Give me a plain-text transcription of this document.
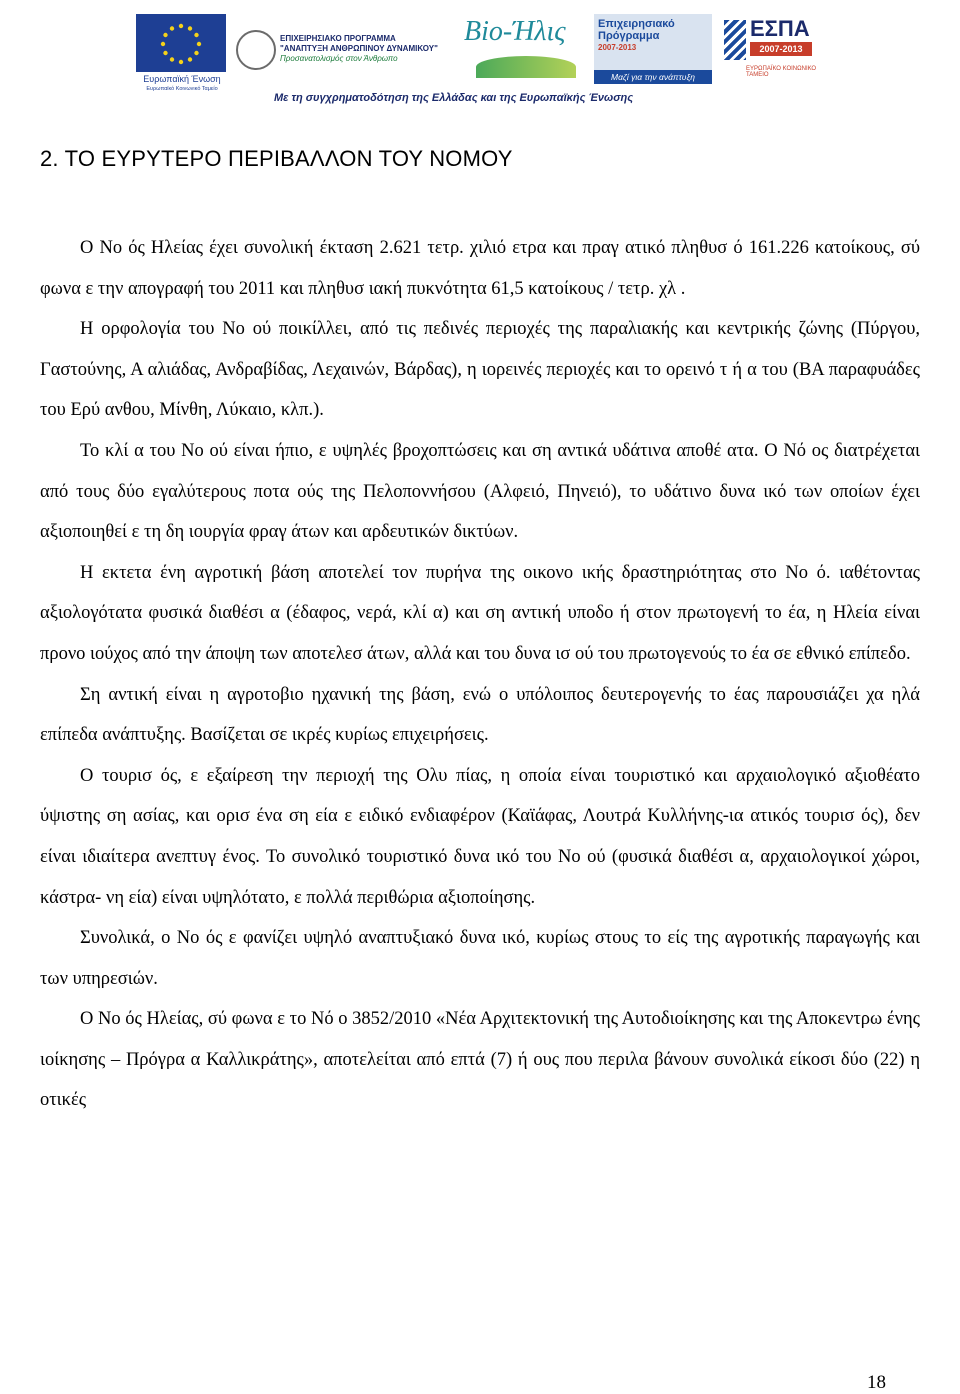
Ευρωπαϊκή Ένωση
Ευρωπαϊκό Κοινωνικό Ταμείο
ΕΠΙΧΕΙΡΗΣΙΑΚΟ ΠΡΟΓΡΑΜΜΑ
"ΑΝΑΠΤΥΞΗ ΑΝΘΡΩΠΙΝΟΥ ΔΥΝΑΜΙΚΟΥ"
Προσανατολισμός στον Άνθρωπο
Bio-Ήλις	Επιχειρησιακό
Πρόγραμμα
2007-2013
Μαζί για την ανάπτυξη
ΕΣΠΑ
2007-2013
ΕΥΡΩΠΑΪΚΟ ΚΟΙΝΩΝΙΚΟ ΤΑΜΕΙΟ
Με τη συγχρηματοδότηση της Ελλάδας και της Ευρωπαϊκής Ένωσης
2. ΤΟ ΕΥΡΥΤΕΡΟ ΠΕΡΙΒΑΛΛΟΝ ΤΟΥ ΝΟΜΟΥ

Ο Νο ός Ηλείας έχει συνολική έκταση 2.621 τετρ. χιλιό ετρα και πραγ ατικό πληθυσ ό 161.226 κατοίκους, σύ φωνα ε την απογραφή του 2011 και πληθυσ ιακή πυκνότητα 61,5 κατοίκους / τετρ. χλ .

Η ορφολογία του Νο ού ποικίλλει, από τις πεδινές περιοχές της παραλιακής και κεντρικής ζώνης (Πύργου, Γαστούνης, Α αλιάδας, Ανδραβίδας, Λεχαινών, Βάρδας), η ιορεινές περιοχές και το ορεινό τ ή α του (ΒΑ παραφυάδες του Ερύ ανθου, Μίνθη, Λύκαιο, κλπ.).

Το κλί α του Νο ού είναι ήπιο, ε υψηλές βροχοπτώσεις και ση αντικά υδάτινα αποθέ ατα. Ο Νό ος διατρέχεται από τους δύο εγαλύτερους ποτα ούς της Πελοποννήσου (Αλφειό, Πηνειό), το υδάτινο δυνα ικό των οποίων έχει αξιοποιηθεί ε τη δη ιουργία φραγ άτων και αρδευτικών δικτύων.

Η εκτετα ένη αγροτική βάση αποτελεί τον πυρήνα της οικονο ικής δραστηριότητας στο Νο ό. ιαθέτοντας αξιολογότατα φυσικά διαθέσι α (έδαφος, νερά, κλί α) και ση αντική υποδο ή στον πρωτογενή το έα, η Ηλεία είναι προνο ιούχος από την άποψη των αποτελεσ άτων, αλλά και του δυνα ισ ού του πρωτογενούς το έα σε εθνικό επίπεδο.

Ση αντική είναι η αγροτοβιο ηχανική της βάση, ενώ ο υπόλοιπος δευτερογενής το έας παρουσιάζει χα ηλά επίπεδα ανάπτυξης. Βασίζεται σε ικρές κυρίως επιχειρήσεις.

Ο τουρισ ός, ε εξαίρεση την περιοχή της Ολυ πίας, η οποία είναι τουριστικό και αρχαιολογικό αξιοθέατο ύψιστης ση ασίας, και ορισ ένα ση εία ε ειδικό ενδιαφέρον (Καϊάφας, Λουτρά Κυλλήνης-ια ατικός τουρισ ός), δεν είναι ιδιαίτερα ανεπτυγ ένος. Το συνολικό τουριστικό δυνα ικό του Νο ού (φυσικά διαθέσι α, αρχαιολογικοί χώροι, κάστρα- νη εία) είναι υψηλότατο, ε πολλά περιθώρια αξιοποίησης.

Συνολικά, ο Νο ός ε φανίζει υψηλό αναπτυξιακό δυνα ικό, κυρίως στους το είς της αγροτικής παραγωγής και των υπηρεσιών.

Ο Νο ός Ηλείας, σύ φωνα ε το Νό ο 3852/2010 «Νέα Αρχιτεκτονική της Αυτοδιοίκησης και της Αποκεντρω ένης ιοίκησης – Πρόγρα α Καλλικράτης», αποτελείται από επτά (7) ή ους που περιλα βάνουν συνολικά είκοσι δύο (22) η οτικές

18
